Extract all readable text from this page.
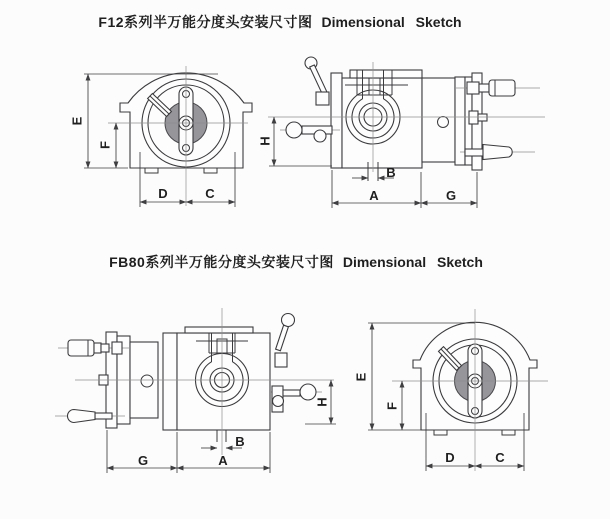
F12系列半万能分度头安装尺寸图 Dimensional Sketch
FB80系列半万能分度头安装尺寸图 Dimensional Sketch
E
F
D	C
H
B
A	G
H
B
G	A
E
F
D	C
